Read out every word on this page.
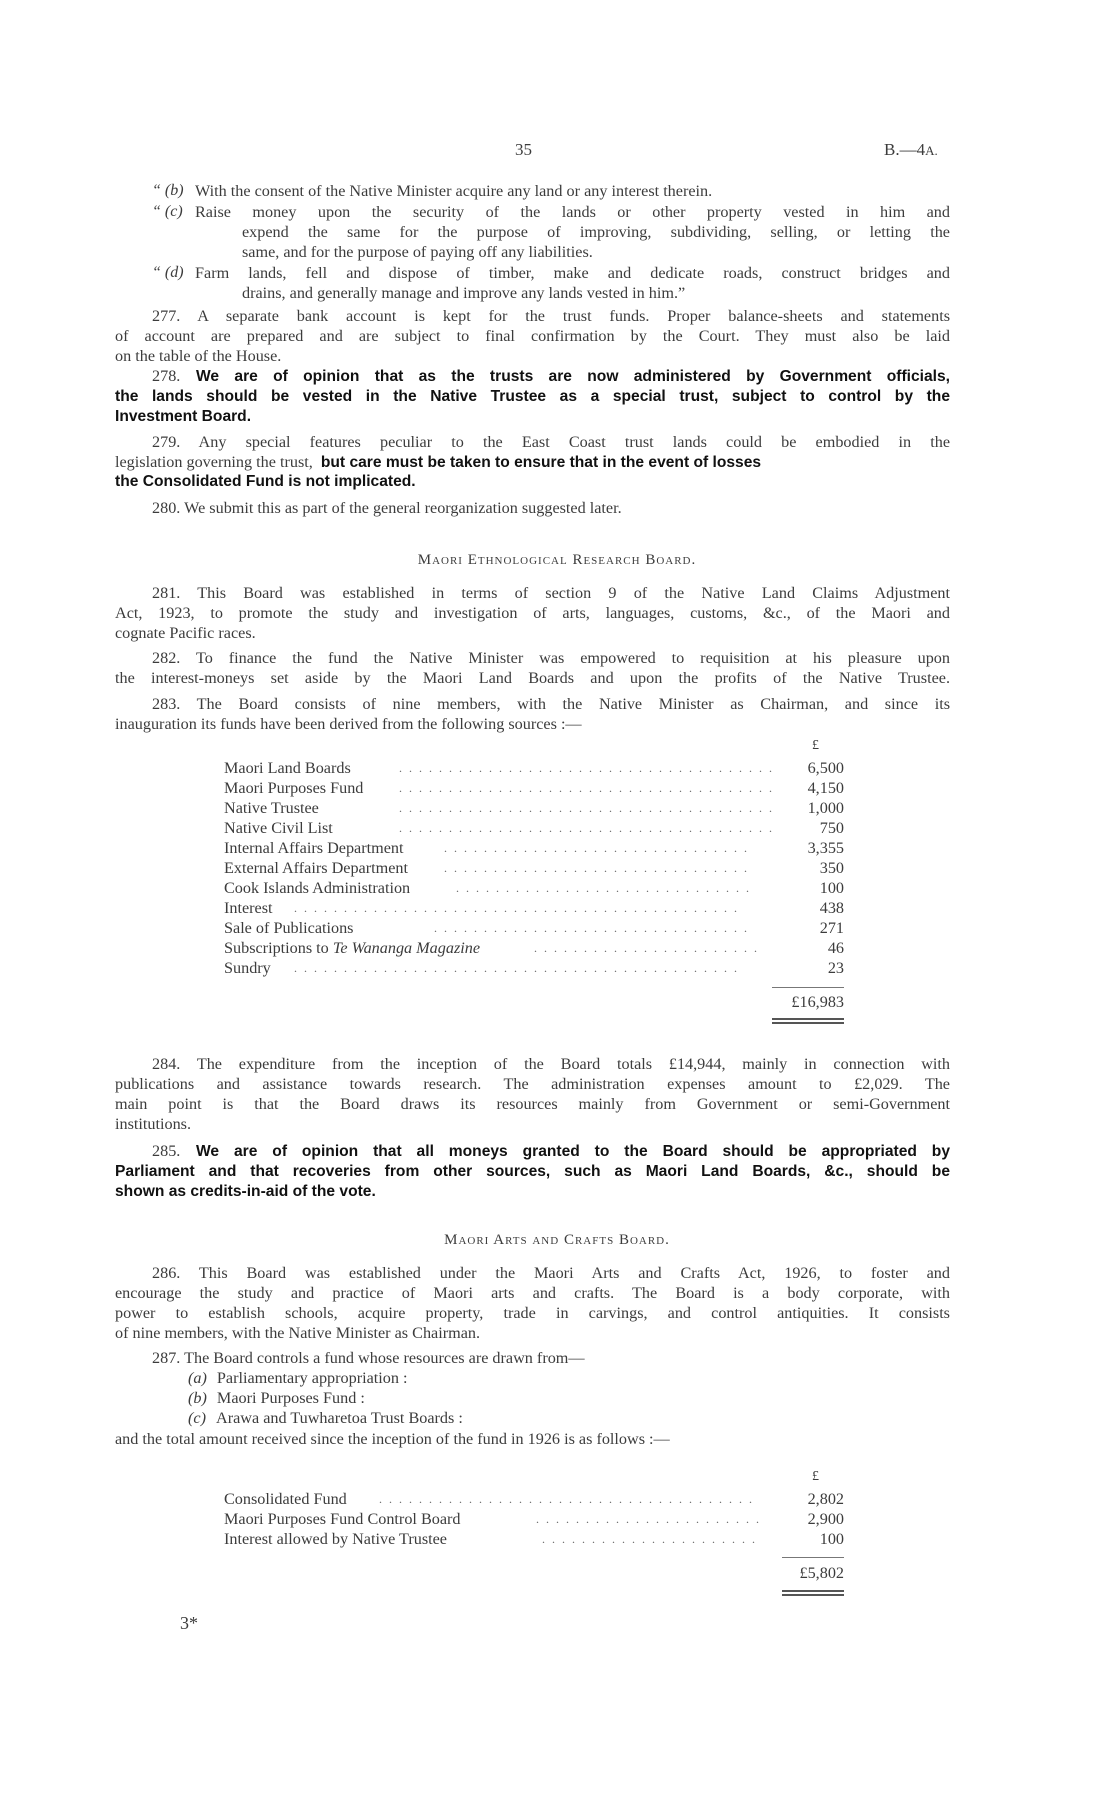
35	B.—4A.
“ (b) With the consent of the Native Minister acquire any land or any interest therein.
“ (c) Raise money upon the security of the lands or other property vested in him and
expend the same for the purpose of improving, subdividing, selling, or letting the
same, and for the purpose of paying off any liabilities.
“ (d) Farm lands, fell and dispose of timber, make and dedicate roads, construct bridges and
drains, and generally manage and improve any lands vested in him.”
277. A separate bank account is kept for the trust funds. Proper balance-sheets and statements
of account are prepared and are subject to final confirmation by the Court. They must also be laid
on the table of the House.
278. We are of opinion that as the trusts are now administered by Government officials,
the lands should be vested in the Native Trustee as a special trust, subject to control by the
Investment Board.
279. Any special features peculiar to the East Coast trust lands could be embodied in the
legislation governing the trust, but care must be taken to ensure that in the event of losses
the Consolidated Fund is not implicated.
280. We submit this as part of the general reorganization suggested later.
Maori Ethnological Research Board.
281. This Board was established in terms of section 9 of the Native Land Claims Adjustment
Act, 1923, to promote the study and investigation of arts, languages, customs, &c., of the Maori and
cognate Pacific races.
282. To finance the fund the Native Minister was empowered to requisition at his pleasure upon
the interest-moneys set aside by the Maori Land Boards and upon the profits of the Native Trustee.
283. The Board consists of nine members, with the Native Minister as Chairman, and since its
inauguration its funds have been derived from the following sources :—
£
Maori Land Boards	. . . . . . . . . . . . . . . . . . . . . . . . . . . . . . . . . . . . . .	6,500
Maori Purposes Fund	. . . . . . . . . . . . . . . . . . . . . . . . . . . . . . . . . . . . . .	4,150
Native Trustee	. . . . . . . . . . . . . . . . . . . . . . . . . . . . . . . . . . . . . .	1,000
Native Civil List	. . . . . . . . . . . . . . . . . . . . . . . . . . . . . . . . . . . . . .	750
Internal Affairs Department	. . . . . . . . . . . . . . . . . . . . . . . . . . . . . . .	3,355
External Affairs Department	. . . . . . . . . . . . . . . . . . . . . . . . . . . . . . .	350
Cook Islands Administration	. . . . . . . . . . . . . . . . . . . . . . . . . . . . . .	100
Interest . . . . . . . . . . . . . . . . . . . . . . . . . . . . . . . . . . . . . . . . . . . . .	438
Sale of Publications	. . . . . . . . . . . . . . . . . . . . . . . . . . . . . . . .	271
Subscriptions to Te Wananga Magazine	. . . . . . . . . . . . . . . . . . . . . . .	46
Sundry . . . . . . . . . . . . . . . . . . . . . . . . . . . . . . . . . . . . . . . . . . . . .	23
£16,983
284. The expenditure from the inception of the Board totals £14,944, mainly in connection with
publications and assistance towards research. The administration expenses amount to £2,029. The
main point is that the Board draws its resources mainly from Government or semi-Government
institutions.
285. We are of opinion that all moneys granted to the Board should be appropriated by
Parliament and that recoveries from other sources, such as Maori Land Boards, &c., should be
shown as credits-in-aid of the vote.
Maori Arts and Crafts Board.
286. This Board was established under the Maori Arts and Crafts Act, 1926, to foster and
encourage the study and practice of Maori arts and crafts. The Board is a body corporate, with
power to establish schools, acquire property, trade in carvings, and control antiquities. It consists
of nine members, with the Native Minister as Chairman.
287. The Board controls a fund whose resources are drawn from—
(a) Parliamentary appropriation :
(b) Maori Purposes Fund :
(c) Arawa and Tuwharetoa Trust Boards :
and the total amount received since the inception of the fund in 1926 is as follows :—
£
Consolidated Fund	. . . . . . . . . . . . . . . . . . . . . . . . . . . . . . . . . . . . . .	2,802
Maori Purposes Fund Control Board	. . . . . . . . . . . . . . . . . . . . . . .	2,900
Interest allowed by Native Trustee	. . . . . . . . . . . . . . . . . . . . . .	100
£5,802
3*
